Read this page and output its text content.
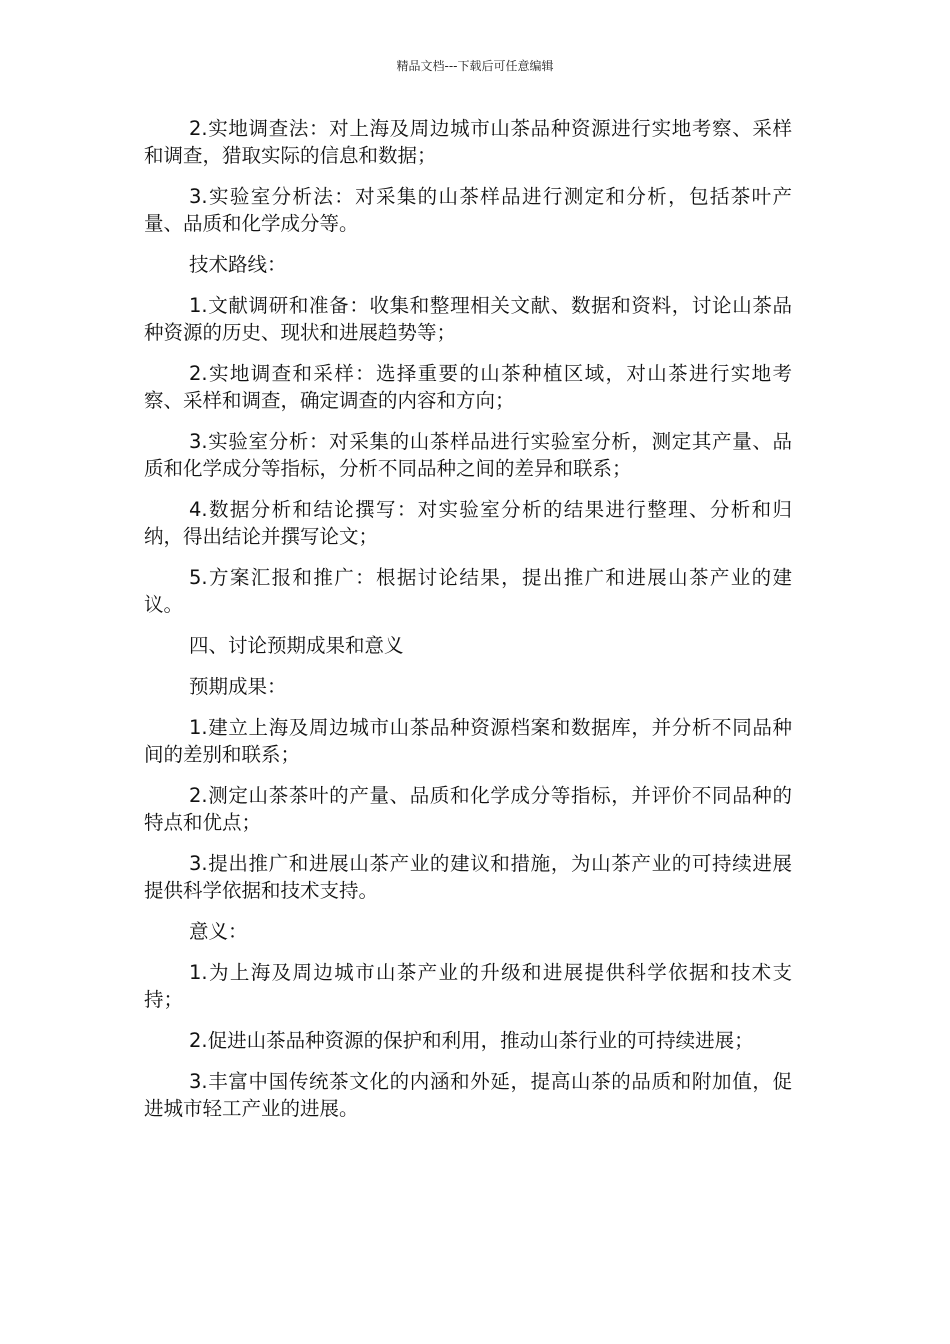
精品文档---下载后可任意编辑

2.实地调查法：对上海及周边城市山茶品种资源进行实地考察、采样和调查，猎取实际的信息和数据；

3.实验室分析法：对采集的山茶样品进行测定和分析，包括茶叶产量、品质和化学成分等。

技术路线：

1.文献调研和准备：收集和整理相关文献、数据和资料，讨论山茶品种资源的历史、现状和进展趋势等；

2.实地调查和采样：选择重要的山茶种植区域，对山茶进行实地考察、采样和调查，确定调查的内容和方向；

3.实验室分析：对采集的山茶样品进行实验室分析，测定其产量、品质和化学成分等指标，分析不同品种之间的差异和联系；

4.数据分析和结论撰写：对实验室分析的结果进行整理、分析和归纳，得出结论并撰写论文；

5.方案汇报和推广：根据讨论结果，提出推广和进展山茶产业的建议。

四、讨论预期成果和意义

预期成果：

1.建立上海及周边城市山茶品种资源档案和数据库，并分析不同品种间的差别和联系；

2.测定山茶茶叶的产量、品质和化学成分等指标，并评价不同品种的特点和优点；

3.提出推广和进展山茶产业的建议和措施，为山茶产业的可持续进展提供科学依据和技术支持。

意义：

1.为上海及周边城市山茶产业的升级和进展提供科学依据和技术支持；

2.促进山茶品种资源的保护和利用，推动山茶行业的可持续进展；

3.丰富中国传统茶文化的内涵和外延，提高山茶的品质和附加值，促进城市轻工产业的进展。
